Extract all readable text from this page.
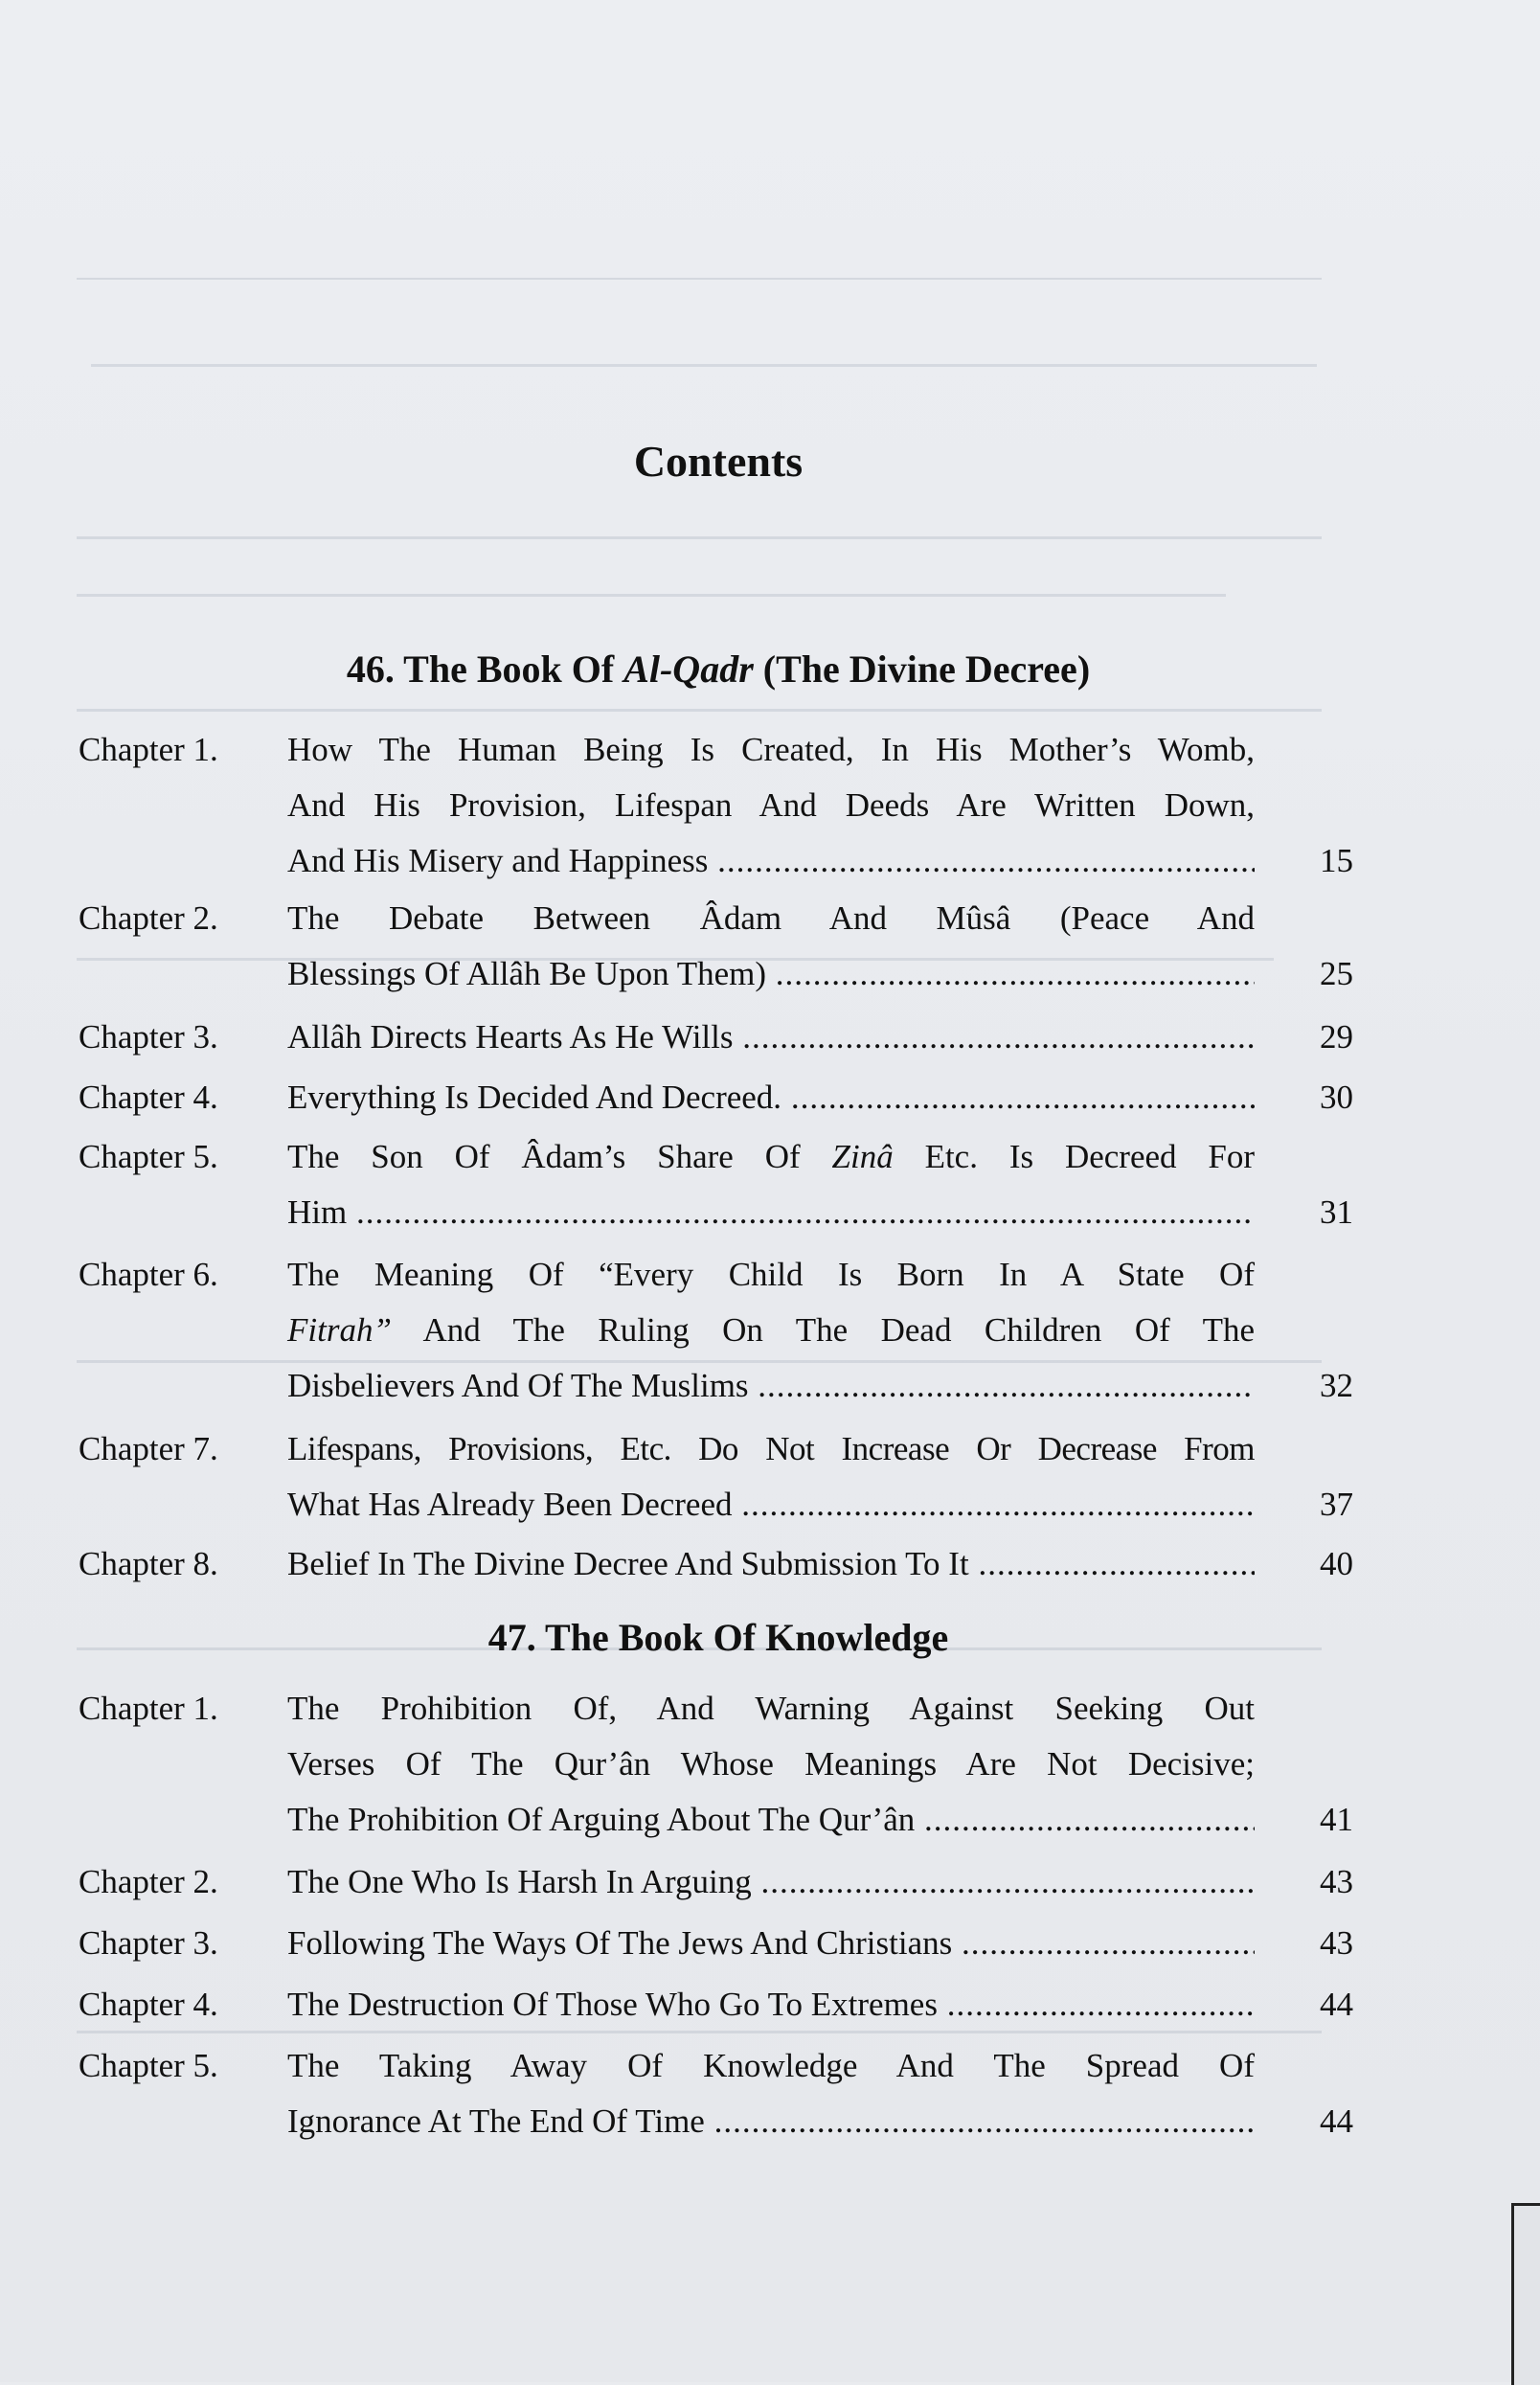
Contents
46. The Book Of Al-Qadr (The Divine Decree)
Chapter 1. How The Human Being Is Created, In His Mother’s Womb,
And His Provision, Lifespan And Deeds Are Written Down,
And His Misery and Happiness .....	15
Chapter 2. The Debate Between Âdam And Mûsâ (Peace And
Blessings Of Allâh Be Upon Them) .....	25
Chapter 3. Allâh Directs Hearts As He Wills .....	29
Chapter 4. Everything Is Decided And Decreed. .....	30
Chapter 5. The Son Of Âdam’s Share Of Zinâ Etc. Is Decreed For
Him .....	31
Chapter 6. The Meaning Of “Every Child Is Born In A State Of
Fitrah” And The Ruling On The Dead Children Of The
Disbelievers And Of The Muslims .....	32
Chapter 7. Lifespans, Provisions, Etc. Do Not Increase Or Decrease From
What Has Already Been Decreed .....	37
Chapter 8. Belief In The Divine Decree And Submission To It .....	40
47. The Book Of Knowledge
Chapter 1. The Prohibition Of, And Warning Against Seeking Out
Verses Of The Qur’ân Whose Meanings Are Not Decisive;
The Prohibition Of Arguing About The Qur’ân .....	41
Chapter 2. The One Who Is Harsh In Arguing .....	43
Chapter 3. Following The Ways Of The Jews And Christians .....	43
Chapter 4. The Destruction Of Those Who Go To Extremes .....	44
Chapter 5. The Taking Away Of Knowledge And The Spread Of
Ignorance At The End Of Time .....	44
